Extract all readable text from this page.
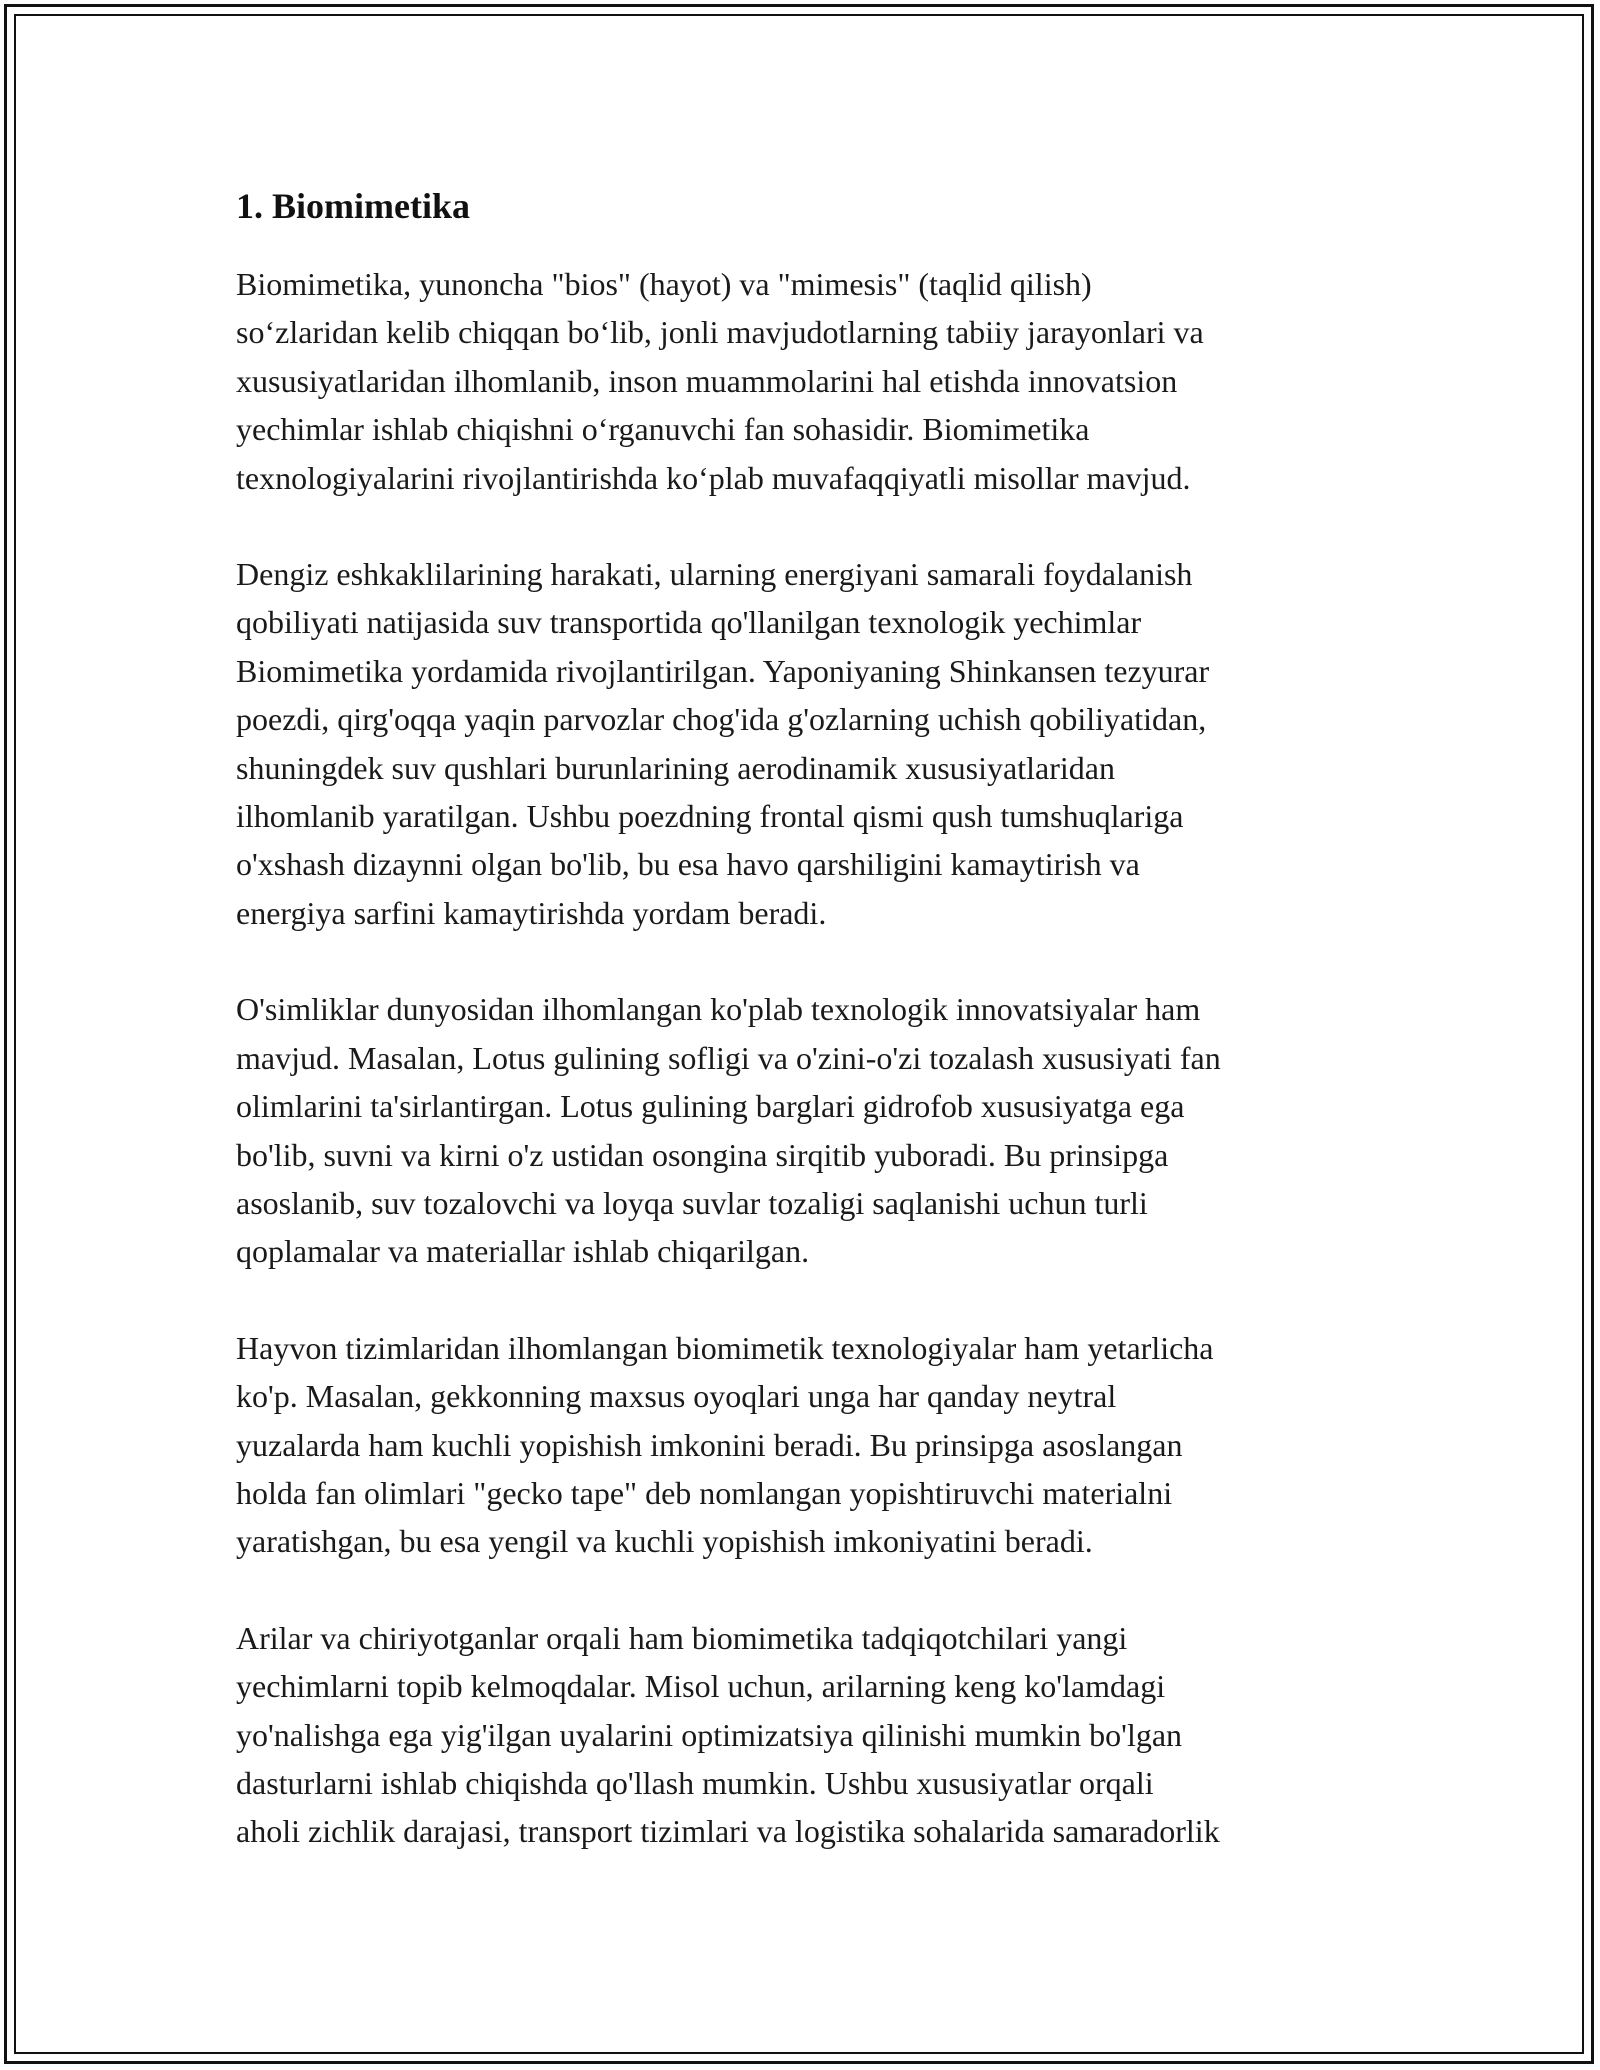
1. Biomimetika

Biomimetika, yunoncha "bios" (hayot) va "mimesis" (taqlid qilish)
so‘zlaridan kelib chiqqan bo‘lib, jonli mavjudotlarning tabiiy jarayonlari va
xususiyatlaridan ilhomlanib, inson muammolarini hal etishda innovatsion
yechimlar ishlab chiqishni o‘rganuvchi fan sohasidir. Biomimetika
texnologiyalarini rivojlantirishda ko‘plab muvafaqqiyatli misollar mavjud.

Dengiz eshkaklilarining harakati, ularning energiyani samarali foydalanish
qobiliyati natijasida suv transportida qo'llanilgan texnologik yechimlar
Biomimetika yordamida rivojlantirilgan. Yaponiyaning Shinkansen tezyurar
poezdi, qirg'oqqa yaqin parvozlar chog'ida g'ozlarning uchish qobiliyatidan,
shuningdek suv qushlari burunlarining aerodinamik xususiyatlaridan
ilhomlanib yaratilgan. Ushbu poezdning frontal qismi qush tumshuqlariga
o'xshash dizaynni olgan bo'lib, bu esa havo qarshiligini kamaytirish va
energiya sarfini kamaytirishda yordam beradi.

O'simliklar dunyosidan ilhomlangan ko'plab texnologik innovatsiyalar ham
mavjud. Masalan, Lotus gulining sofligi va o'zini-o'zi tozalash xususiyati fan
olimlarini ta'sirlantirgan. Lotus gulining barglari gidrofob xususiyatga ega
bo'lib, suvni va kirni o'z ustidan osongina sirqitib yuboradi. Bu prinsipga
asoslanib, suv tozalovchi va loyqa suvlar tozaligi saqlanishi uchun turli
qoplamalar va materiallar ishlab chiqarilgan.

Hayvon tizimlaridan ilhomlangan biomimetik texnologiyalar ham yetarlicha
ko'p. Masalan, gekkonning maxsus oyoqlari unga har qanday neytral
yuzalarda ham kuchli yopishish imkonini beradi. Bu prinsipga asoslangan
holda fan olimlari "gecko tape" deb nomlangan yopishtiruvchi materialni
yaratishgan, bu esa yengil va kuchli yopishish imkoniyatini beradi.

Arilar va chiriyotganlar orqali ham biomimetika tadqiqotchilari yangi
yechimlarni topib kelmoqdalar. Misol uchun, arilarning keng ko'lamdagi
yo'nalishga ega yig'ilgan uyalarini optimizatsiya qilinishi mumkin bo'lgan
dasturlarni ishlab chiqishda qo'llash mumkin. Ushbu xususiyatlar orqali
aholi zichlik darajasi, transport tizimlari va logistika sohalarida samaradorlik
